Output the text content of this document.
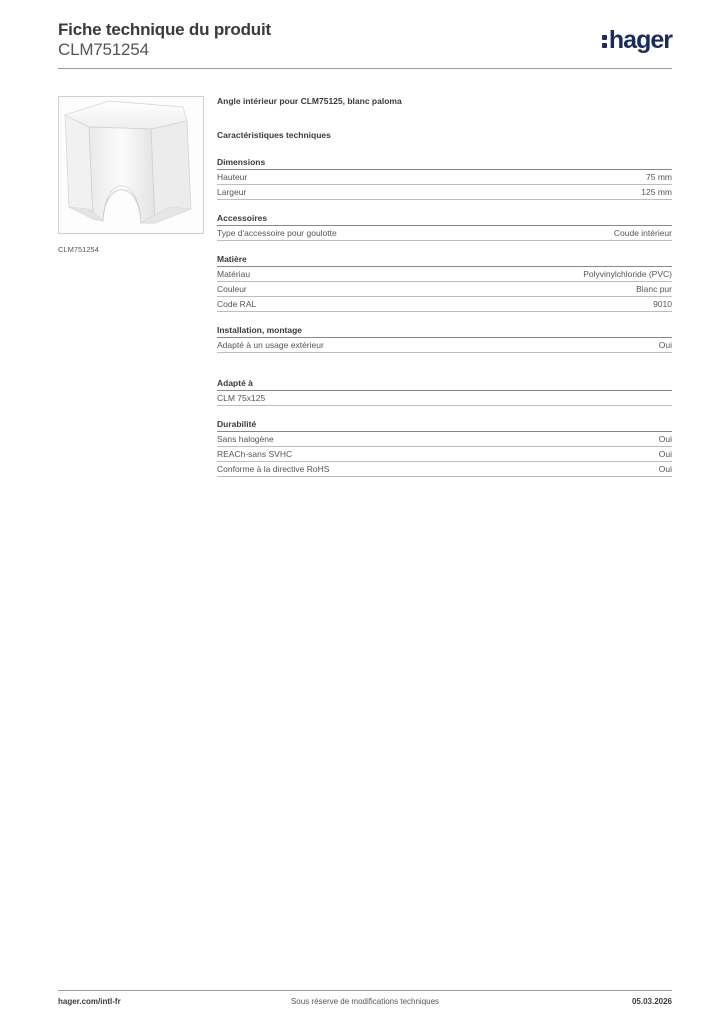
Fiche technique du produit
CLM751254	hager
CLM751254
Angle intérieur pour CLM75125, blanc paloma
Caractéristiques techniques
Dimensions
Hauteur	75 mm
Largeur	125 mm
Accessoires
Type d'accessoire pour goulotte	Coude intérieur
Matière
Matériau	Polyvinylchloride (PVC)
Couleur	Blanc pur
Code RAL	9010
Installation, montage
Adapté à un usage extérieur	Oui
Adapté à
CLM 75x125
Durabilité
Sans halogène	Oui
REACh-sans SVHC	Oui
Conforme à la directive RoHS	Oui
hager.com/intl-fr	Sous réserve de modifications techniques	05.03.2026
